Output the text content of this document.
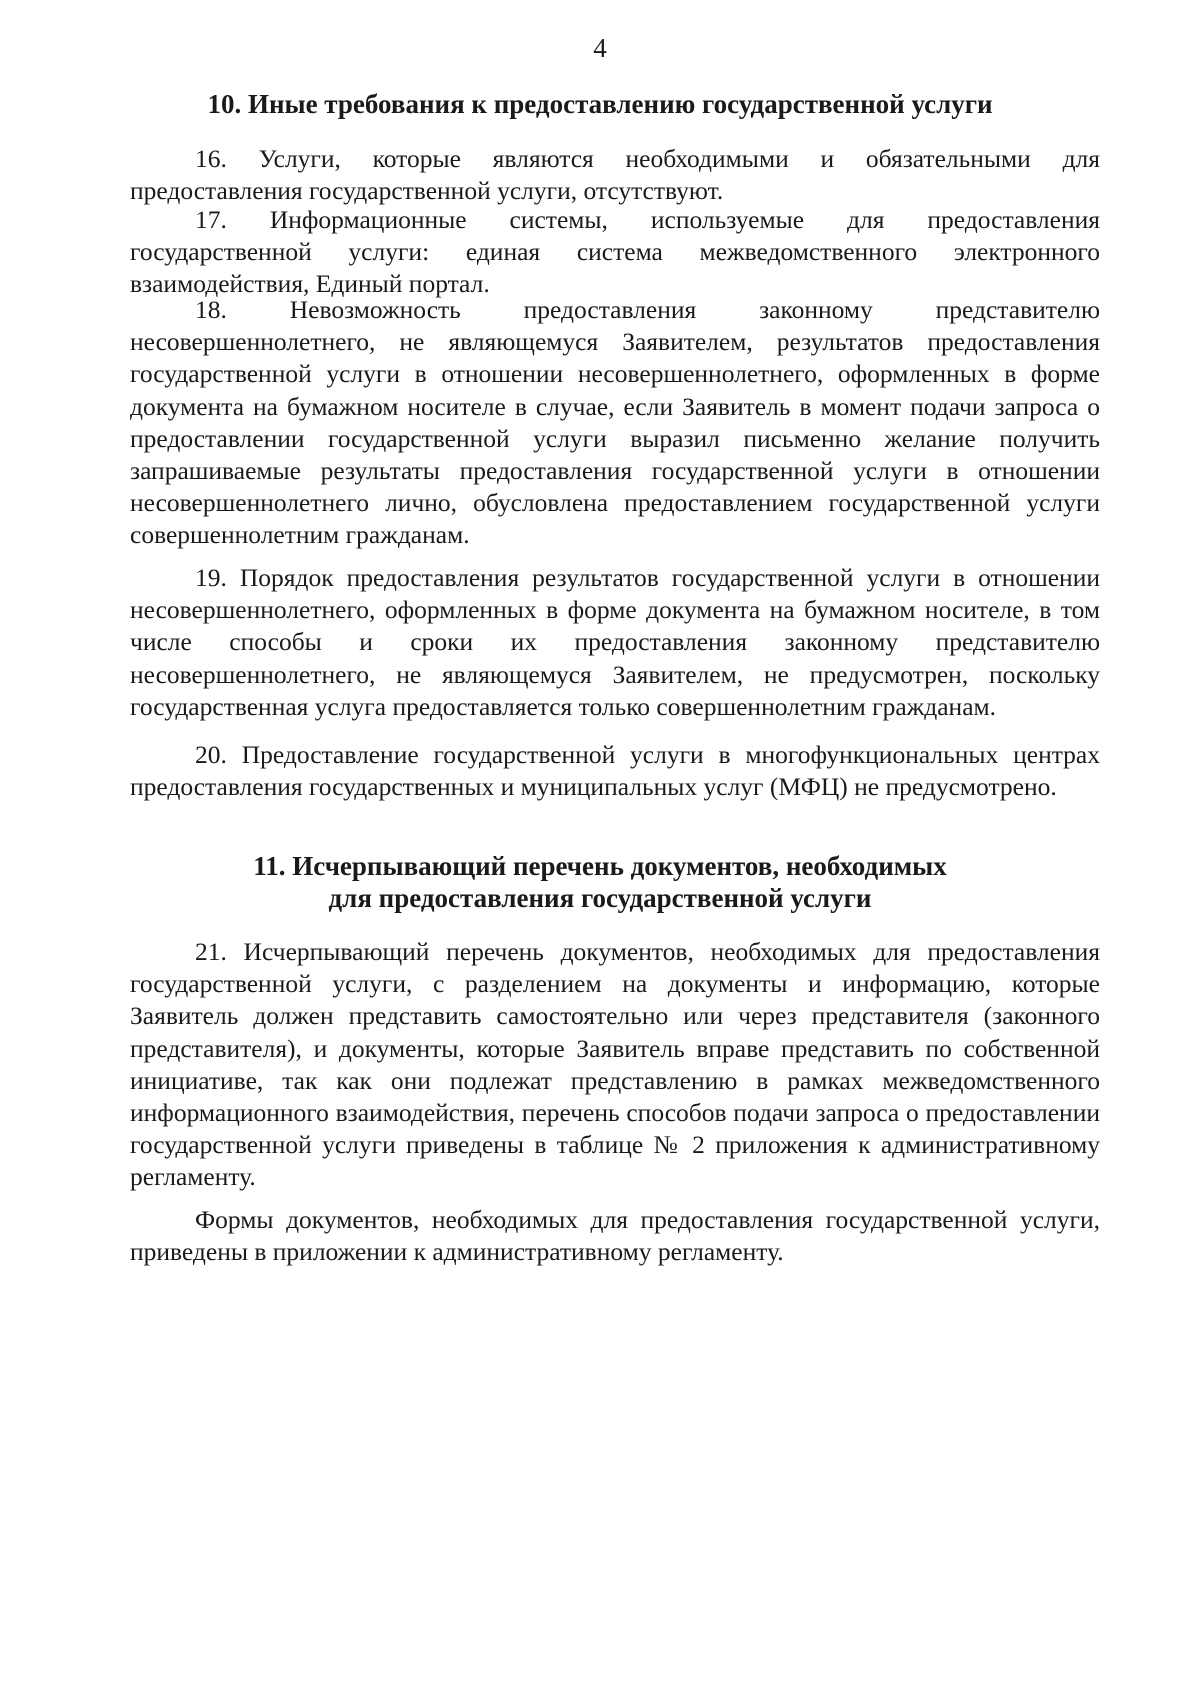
4
10. Иные требования к предоставлению государственной услуги

16. Услуги, которые являются необходимыми и обязательными для предоставления государственной услуги, отсутствуют.

17. Информационные системы, используемые для предоставления государственной услуги: единая система межведомственного электронного взаимодействия, Единый портал.

18. Невозможность предоставления законному представителю несовершеннолетнего, не являющемуся Заявителем, результатов предоставления государственной услуги в отношении несовершеннолетнего, оформленных в форме документа на бумажном носителе в случае, если Заявитель в момент подачи запроса о предоставлении государственной услуги выразил письменно желание получить запрашиваемые результаты предоставления государственной услуги в отношении несовершеннолетнего лично, обусловлена предоставлением государственной услуги совершеннолетним гражданам.

19. Порядок предоставления результатов государственной услуги в отношении несовершеннолетнего, оформленных в форме документа на бумажном носителе, в том числе способы и сроки их предоставления законному представителю несовершеннолетнего, не являющемуся Заявителем, не предусмотрен, поскольку государственная услуга предоставляется только совершеннолетним гражданам.

20. Предоставление государственной услуги в многофункциональных центрах предоставления государственных и муниципальных услуг (МФЦ) не предусмотрено.

11. Исчерпывающий перечень документов, необходимых
для предоставления государственной услуги

21. Исчерпывающий перечень документов, необходимых для предоставления государственной услуги, с разделением на документы и информацию, которые Заявитель должен представить самостоятельно или через представителя (законного представителя), и документы, которые Заявитель вправе представить по собственной инициативе, так как они подлежат представлению в рамках межведомственного информационного взаимодействия, перечень способов подачи запроса о предоставлении государственной услуги приведены в таблице № 2 приложения к административному регламенту.

Формы документов, необходимых для предоставления государственной услуги, приведены в приложении к административному регламенту.
